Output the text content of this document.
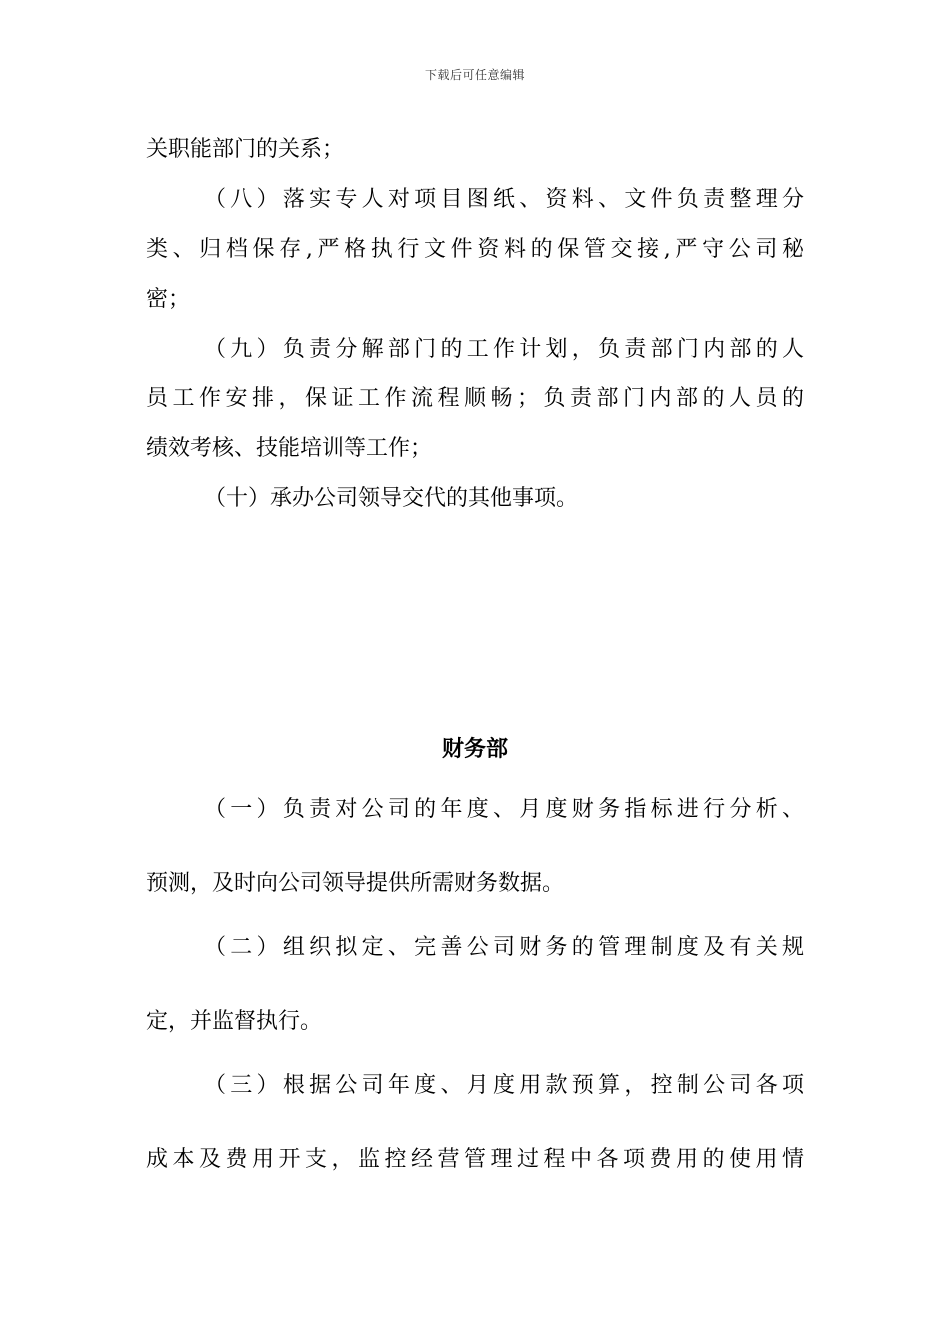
下载后可任意编辑
关职能部门的关系；
（八）落实专人对项目图纸、资料、文件负责整理分
类、归档保存,严格执行文件资料的保管交接,严守公司秘
密；
（九）负责分解部门的工作计划，负责部门内部的人
员工作安排，保证工作流程顺畅；负责部门内部的人员的
绩效考核、技能培训等工作；
（十）承办公司领导交代的其他事项。
财务部
（一）负责对公司的年度、月度财务指标进行分析、
预测，及时向公司领导提供所需财务数据。
（二）组织拟定、完善公司财务的管理制度及有关规
定，并监督执行。
（三）根据公司年度、月度用款预算，控制公司各项
成本及费用开支，监控经营管理过程中各项费用的使用情
